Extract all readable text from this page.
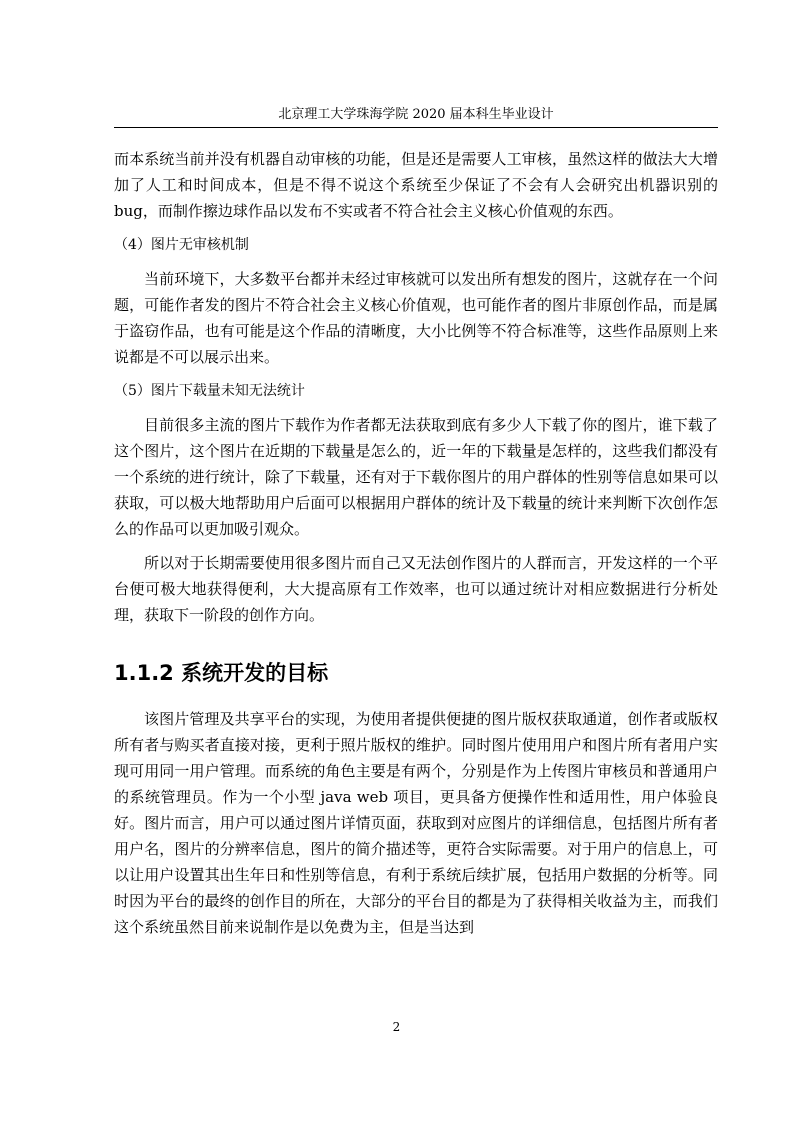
北京理工大学珠海学院 2020 届本科生毕业设计

而本系统当前并没有机器自动审核的功能，但是还是需要人工审核，虽然这样的做法大大增加了人工和时间成本，但是不得不说这个系统至少保证了不会有人会研究出机器识别的 bug，而制作擦边球作品以发布不实或者不符合社会主义核心价值观的东西。

（4）图片无审核机制

当前环境下，大多数平台都并未经过审核就可以发出所有想发的图片，这就存在一个问题，可能作者发的图片不符合社会主义核心价值观，也可能作者的图片非原创作品，而是属于盗窃作品，也有可能是这个作品的清晰度，大小比例等不符合标准等，这些作品原则上来说都是不可以展示出来。

（5）图片下载量未知无法统计

目前很多主流的图片下载作为作者都无法获取到底有多少人下载了你的图片，谁下载了这个图片，这个图片在近期的下载量是怎么的，近一年的下载量是怎样的，这些我们都没有一个系统的进行统计，除了下载量，还有对于下载你图片的用户群体的性别等信息如果可以获取，可以极大地帮助用户后面可以根据用户群体的统计及下载量的统计来判断下次创作怎么的作品可以更加吸引观众。

所以对于长期需要使用很多图片而自己又无法创作图片的人群而言，开发这样的一个平台便可极大地获得便利，大大提高原有工作效率，也可以通过统计对相应数据进行分析处理，获取下一阶段的创作方向。

1.1.2 系统开发的目标

该图片管理及共享平台的实现，为使用者提供便捷的图片版权获取通道，创作者或版权所有者与购买者直接对接，更利于照片版权的维护。同时图片使用用户和图片所有者用户实现可用同一用户管理。而系统的角色主要是有两个，分别是作为上传图片审核员和普通用户的系统管理员。作为一个小型 java web 项目，更具备方便操作性和适用性，用户体验良好。图片而言，用户可以通过图片详情页面，获取到对应图片的详细信息，包括图片所有者用户名，图片的分辨率信息，图片的简介描述等，更符合实际需要。对于用户的信息上，可以让用户设置其出生年日和性别等信息，有利于系统后续扩展，包括用户数据的分析等。同时因为平台的最终的创作目的所在，大部分的平台目的都是为了获得相关收益为主，而我们这个系统虽然目前来说制作是以免费为主，但是当达到

2
